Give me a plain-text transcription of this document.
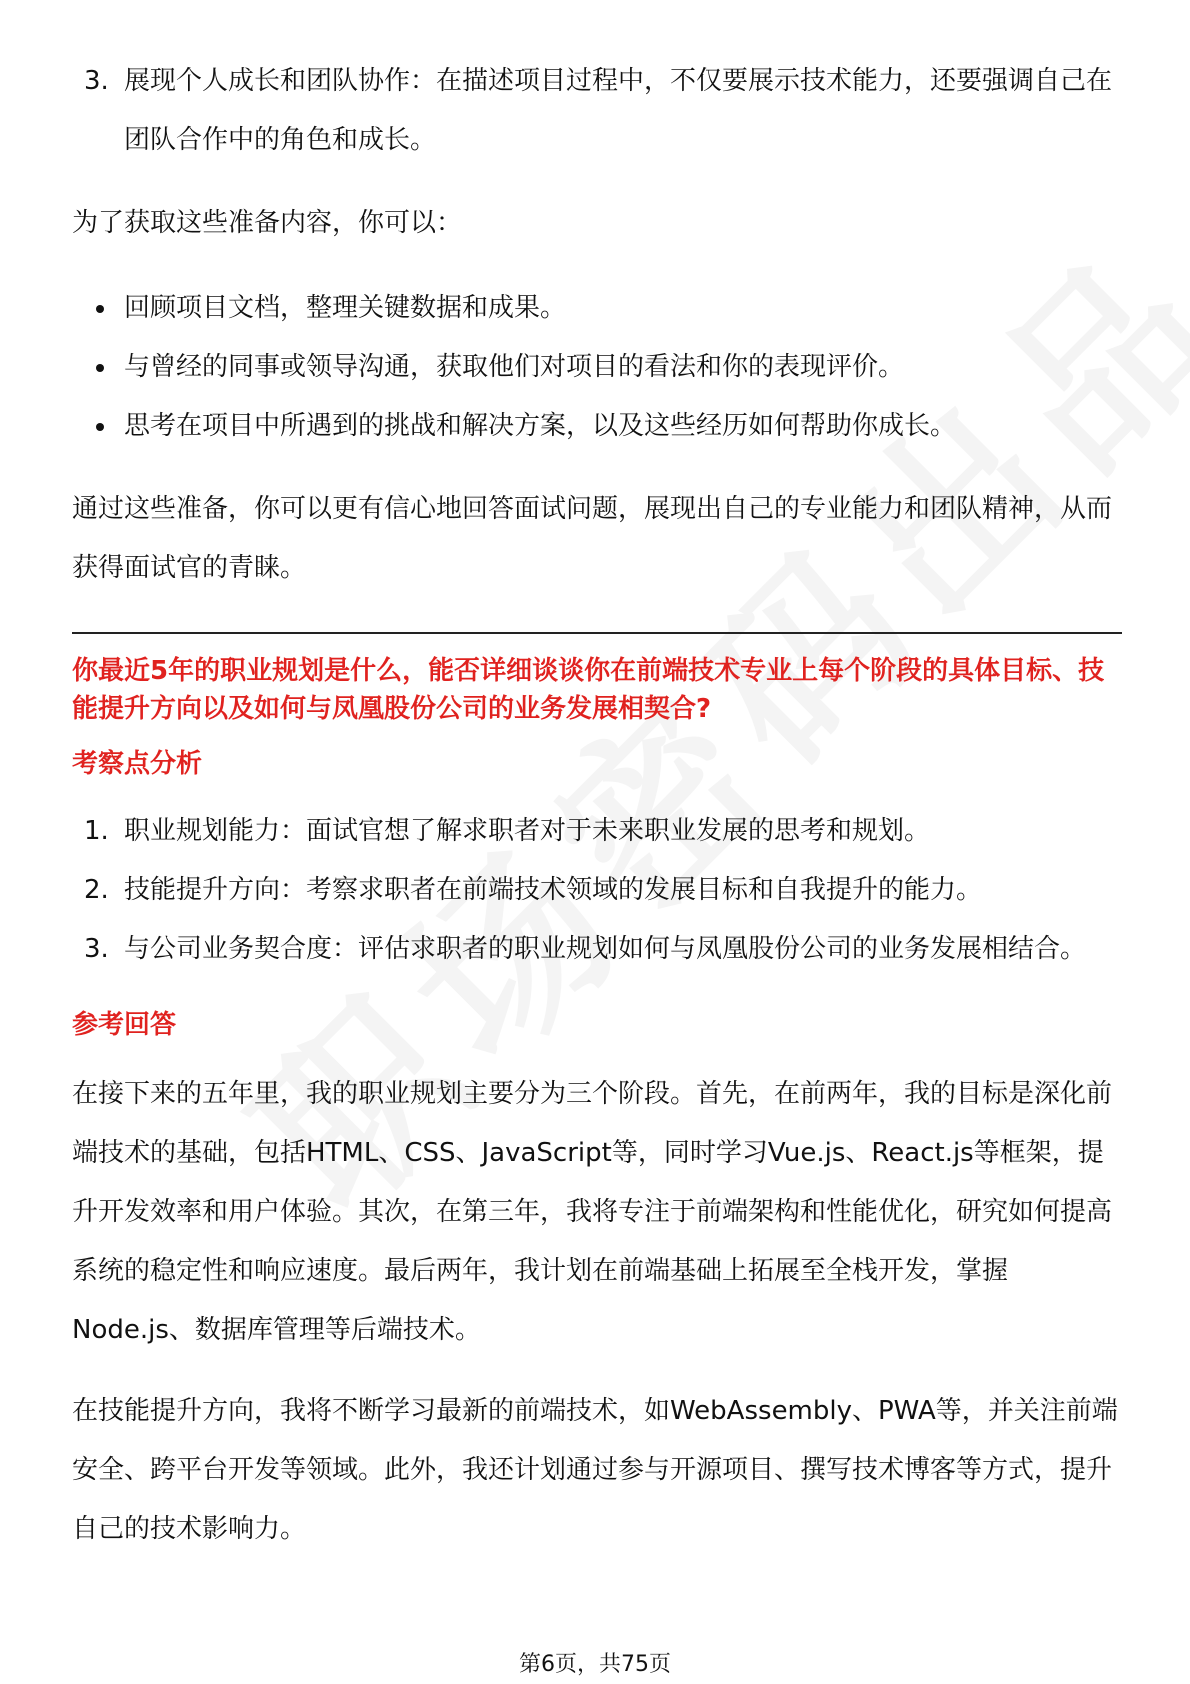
3. 展现个人成长和团队协作：在描述项目过程中，不仅要展示技术能力，还要强调自己在团队合作中的角色和成长。

为了获取这些准备内容，你可以：

回顾项目文档，整理关键数据和成果。
与曾经的同事或领导沟通，获取他们对项目的看法和你的表现评价。
思考在项目中所遇到的挑战和解决方案，以及这些经历如何帮助你成长。

通过这些准备，你可以更有信心地回答面试问题，展现出自己的专业能力和团队精神，从而获得面试官的青睐。

你最近5年的职业规划是什么，能否详细谈谈你在前端技术专业上每个阶段的具体目标、技能提升方向以及如何与凤凰股份公司的业务发展相契合?

考察点分析

1. 职业规划能力：面试官想了解求职者对于未来职业发展的思考和规划。
2. 技能提升方向：考察求职者在前端技术领域的发展目标和自我提升的能力。
3. 与公司业务契合度：评估求职者的职业规划如何与凤凰股份公司的业务发展相结合。

参考回答

在接下来的五年里，我的职业规划主要分为三个阶段。首先，在前两年，我的目标是深化前端技术的基础，包括HTML、CSS、JavaScript等，同时学习Vue.js、React.js等框架，提升开发效率和用户体验。其次，在第三年，我将专注于前端架构和性能优化，研究如何提高系统的稳定性和响应速度。最后两年，我计划在前端基础上拓展至全栈开发，掌握Node.js、数据库管理等后端技术。

在技能提升方向，我将不断学习最新的前端技术，如WebAssembly、PWA等，并关注前端安全、跨平台开发等领域。此外，我还计划通过参与开源项目、撰写技术博客等方式，提升自己的技术影响力。

第6页，共75页
